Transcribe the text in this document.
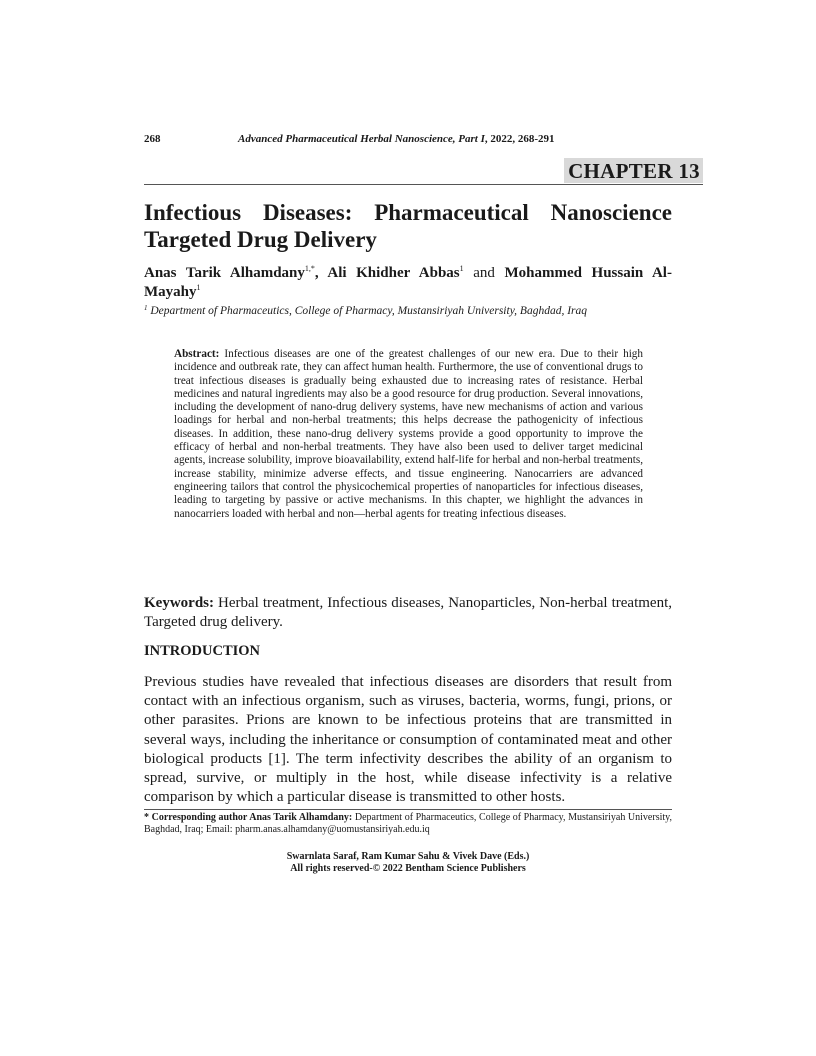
268	Advanced Pharmaceutical Herbal Nanoscience, Part I, 2022, 268-291
CHAPTER 13
Infectious Diseases: Pharmaceutical Nanoscience Targeted Drug Delivery
Anas Tarik Alhamdany$^{1,*}$, Ali Khidher Abbas$^1$ and Mohammed Hussain Al-Mayahy$^1$
$^1$ Department of Pharmaceutics, College of Pharmacy, Mustansiriyah University, Baghdad, Iraq
Abstract: Infectious diseases are one of the greatest challenges of our new era. Due to their high incidence and outbreak rate, they can affect human health. Furthermore, the use of conventional drugs to treat infectious diseases is gradually being exhausted due to increasing rates of resistance. Herbal medicines and natural ingredients may also be a good resource for drug production. Several innovations, including the development of nano-drug delivery systems, have new mechanisms of action and various loadings for herbal and non-herbal treatments; this helps decrease the pathogenicity of infectious diseases. In addition, these nano-drug delivery systems provide a good opportunity to improve the efficacy of herbal and non-herbal treatments. They have also been used to deliver target medicinal agents, increase solubility, improve bioavailability, extend half-life for herbal and non-herbal treatments, increase stability, minimize adverse effects, and tissue engineering. Nanocarriers are advanced engineering tailors that control the physicochemical properties of nanoparticles for infectious diseases, leading to targeting by passive or active mechanisms. In this chapter, we highlight the advances in nanocarriers loaded with herbal and non—herbal agents for treating infectious diseases.
Keywords: Herbal treatment, Infectious diseases, Nanoparticles, Non-herbal treatment, Targeted drug delivery.
INTRODUCTION
Previous studies have revealed that infectious diseases are disorders that result from contact with an infectious organism, such as viruses, bacteria, worms, fungi, prions, or other parasites. Prions are known to be infectious proteins that are transmitted in several ways, including the inheritance or consumption of contaminated meat and other biological products [1]. The term infectivity describes the ability of an organism to spread, survive, or multiply in the host, while disease infectivity is a relative comparison by which a particular disease is transmitted to other hosts.
* Corresponding author Anas Tarik Alhamdany: Department of Pharmaceutics, College of Pharmacy, Mustansiriyah University, Baghdad, Iraq; Email: pharm.anas.alhamdany@uomustansiriyah.edu.iq
Swarnlata Saraf, Ram Kumar Sahu & Vivek Dave (Eds.)
All rights reserved-© 2022 Bentham Science Publishers
